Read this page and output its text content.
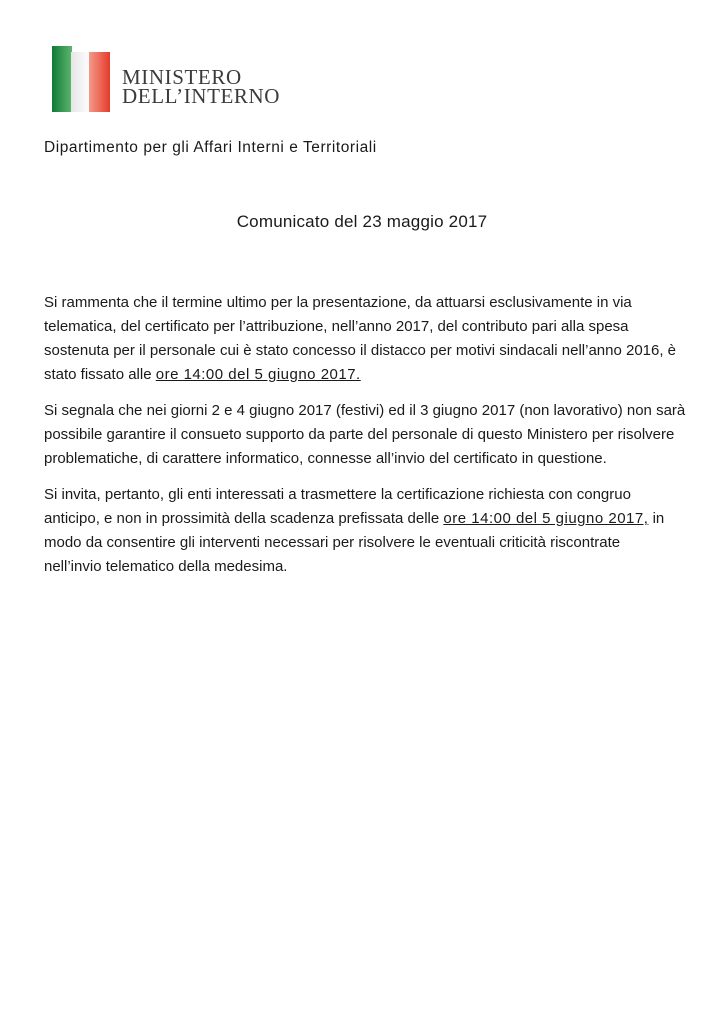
MINISTERO
DELL’INTERNO
Dipartimento per gli Affari Interni e Territoriali
Comunicato del 23 maggio 2017

Si rammenta che il termine ultimo per la presentazione, da attuarsi esclusivamente in via
telematica, del certificato per l’attribuzione, nell’anno 2017, del contributo pari alla spesa
sostenuta per il personale cui è stato concesso il distacco per motivi sindacali nell’anno 2016, è
stato fissato alle ore 14:00 del 5 giugno 2017.

Si segnala che nei giorni 2 e 4 giugno 2017 (festivi) ed il 3 giugno 2017 (non lavorativo) non sarà
possibile garantire il consueto supporto da parte del personale di questo Ministero per risolvere
problematiche, di carattere informatico, connesse all’invio del certificato in questione.

Si invita, pertanto, gli enti interessati a trasmettere la certificazione richiesta con congruo
anticipo, e non in prossimità della scadenza prefissata delle ore 14:00 del 5 giugno 2017, in
modo da consentire gli interventi necessari per risolvere le eventuali criticità riscontrate
nell’invio telematico della medesima.
